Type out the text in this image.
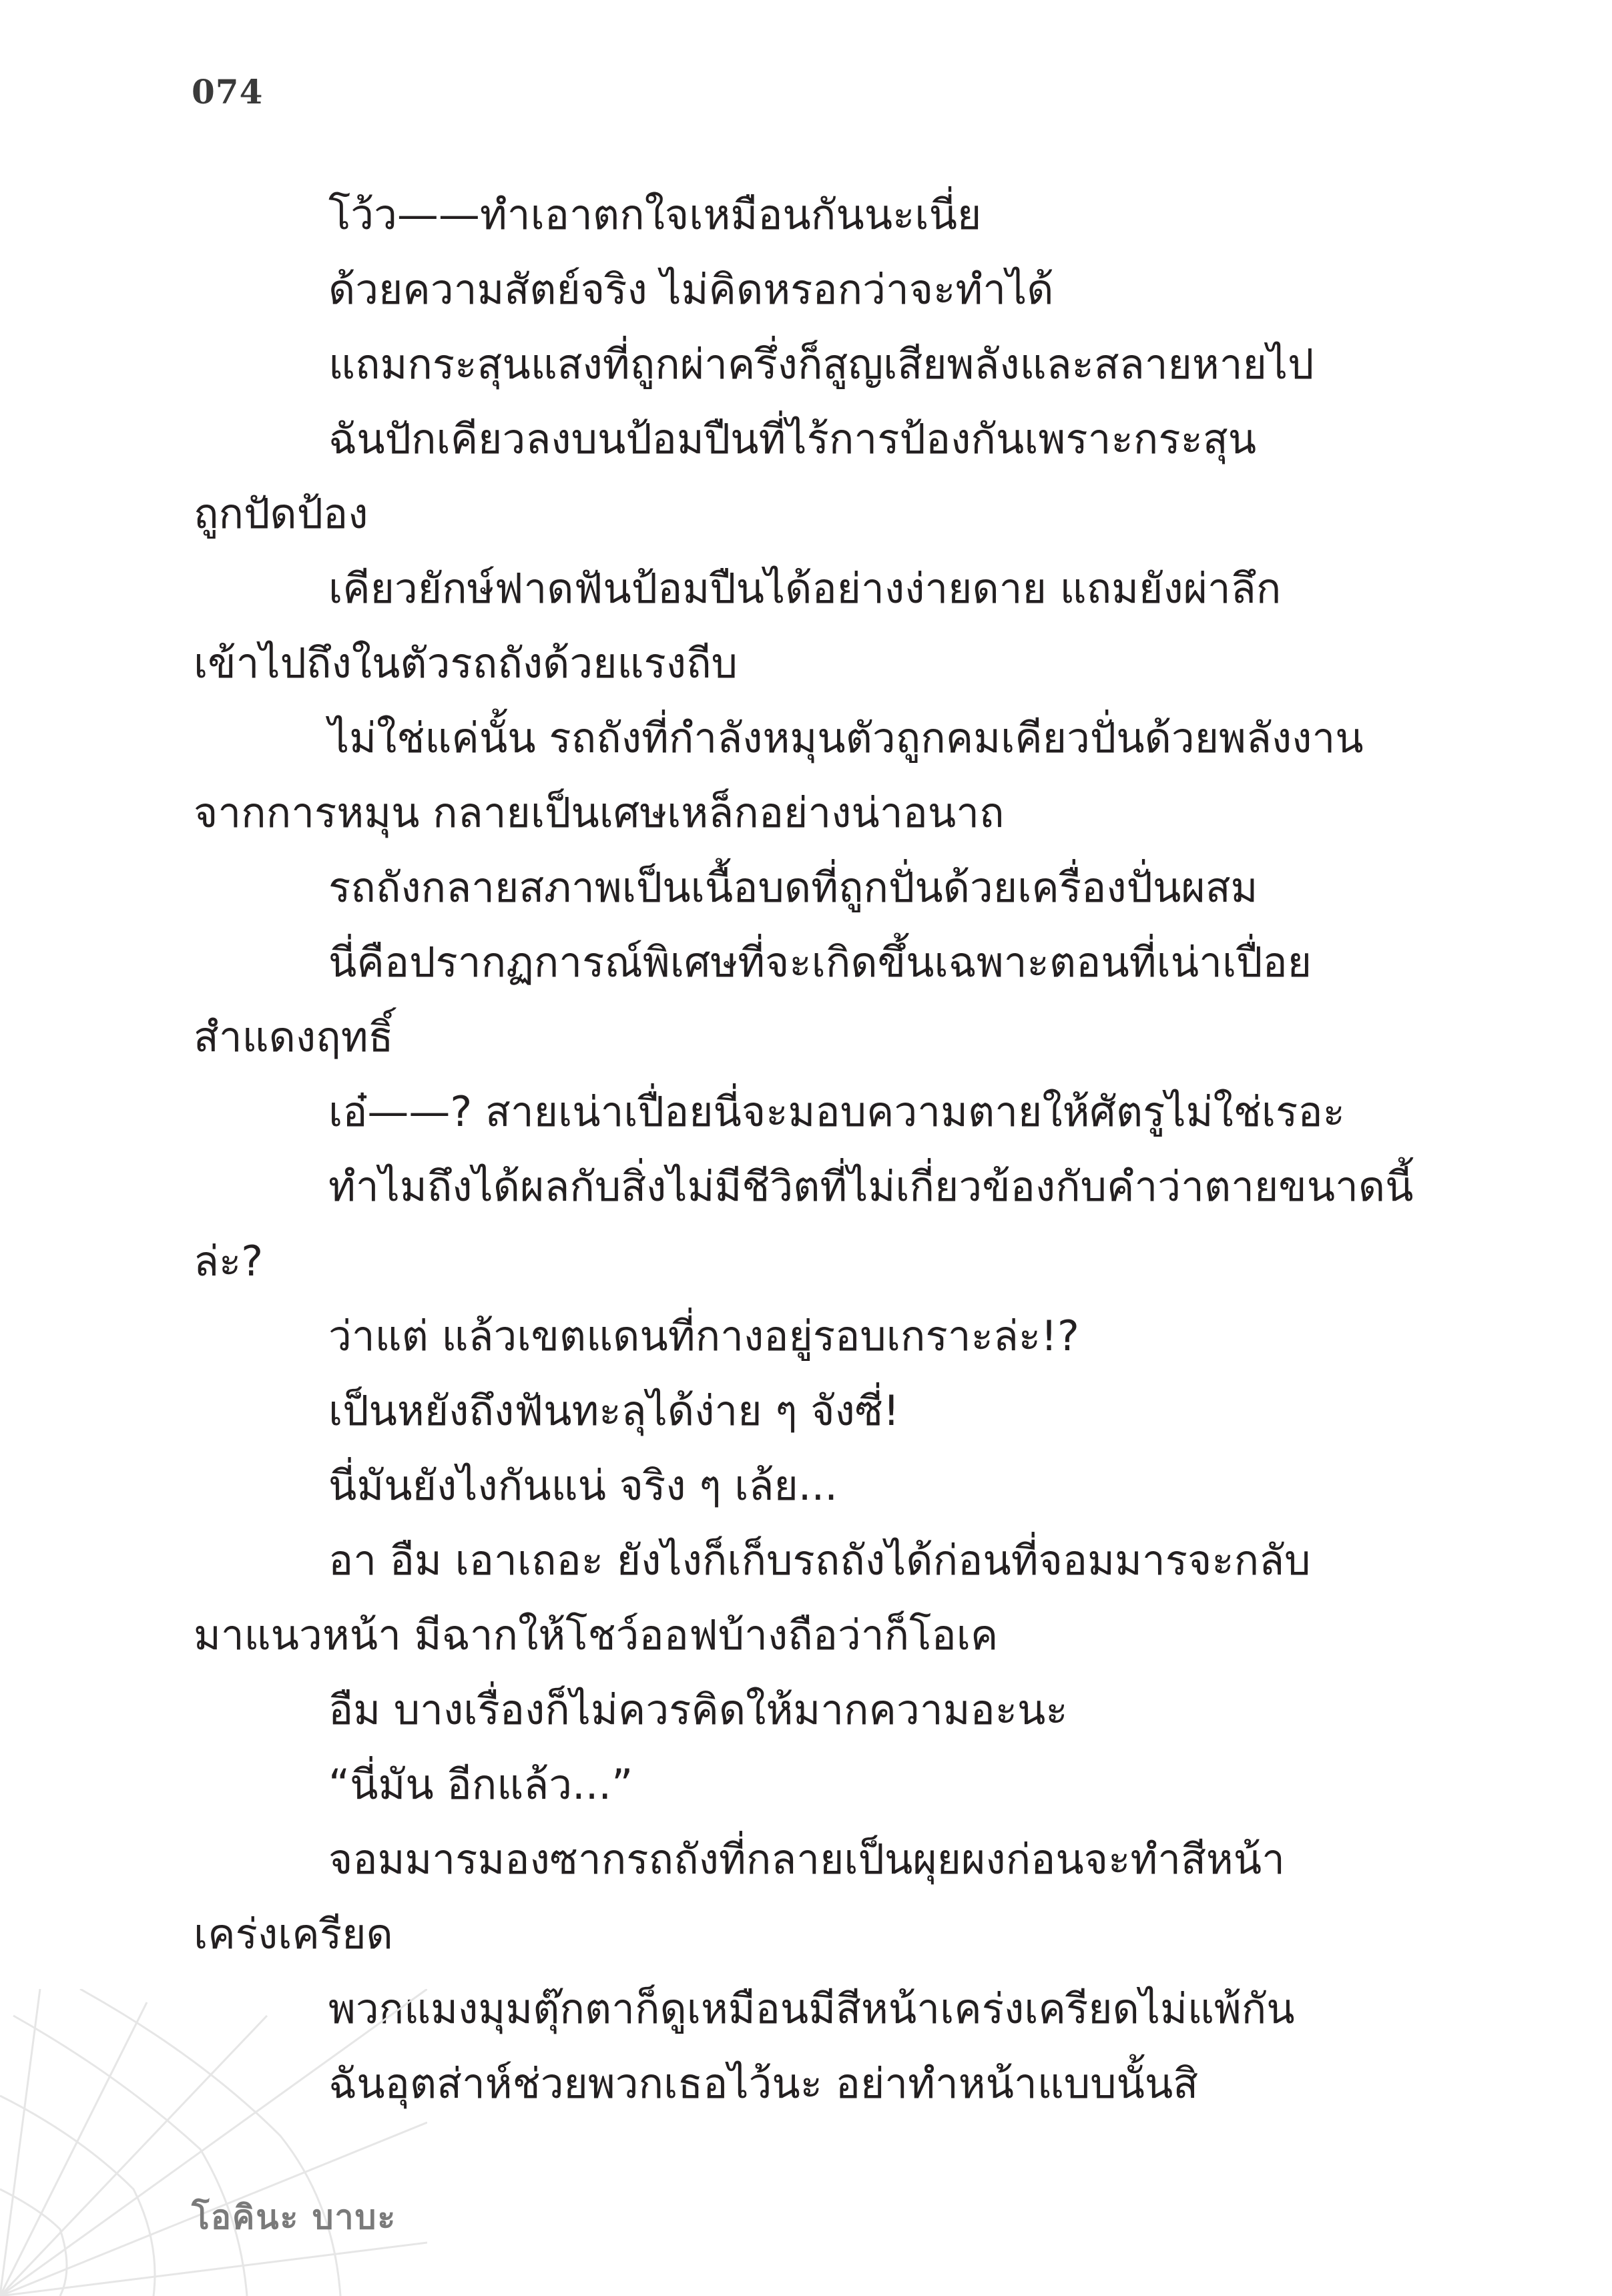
074
โว้ว——ทำเอาตกใจเหมือนกันนะเนี่ย
ด้วยความสัตย์จริง ไม่คิดหรอกว่าจะทำได้
แถมกระสุนแสงที่ถูกผ่าครึ่งก็สูญเสียพลังและสลายหายไป
ฉันปักเคียวลงบนป้อมปืนที่ไร้การป้องกันเพราะกระสุน
ถูกปัดป้อง
เคียวยักษ์ฟาดฟันป้อมปืนได้อย่างง่ายดาย แถมยังผ่าลึก
เข้าไปถึงในตัวรถถังด้วยแรงถีบ
ไม่ใช่แค่นั้น รถถังที่กำลังหมุนตัวถูกคมเคียวปั่นด้วยพลังงาน
จากการหมุน กลายเป็นเศษเหล็กอย่างน่าอนาถ
รถถังกลายสภาพเป็นเนื้อบดที่ถูกปั่นด้วยเครื่องปั่นผสม
นี่คือปรากฏการณ์พิเศษที่จะเกิดขึ้นเฉพาะตอนที่เน่าเปื่อย
สำแดงฤทธิ์
เอ๋——? สายเน่าเปื่อยนี่จะมอบความตายให้ศัตรูไม่ใช่เรอะ
ทำไมถึงได้ผลกับสิ่งไม่มีชีวิตที่ไม่เกี่ยวข้องกับคำว่าตายขนาดนี้
ล่ะ?
ว่าแต่ แล้วเขตแดนที่กางอยู่รอบเกราะล่ะ!?
เป็นหยังถึงฟันทะลุได้ง่าย ๆ จังซี่!
นี่มันยังไงกันแน่ จริง ๆ เล้ย...
อา อืม เอาเถอะ ยังไงก็เก็บรถถังได้ก่อนที่จอมมารจะกลับ
มาแนวหน้า มีฉากให้โชว์ออฟบ้างถือว่าก็โอเค
อืม บางเรื่องก็ไม่ควรคิดให้มากความอะนะ
“นี่มัน อีกแล้ว...”
จอมมารมองซากรถถังที่กลายเป็นผุยผงก่อนจะทำสีหน้า
เคร่งเครียด
พวกแมงมุมตุ๊กตาก็ดูเหมือนมีสีหน้าเคร่งเครียดไม่แพ้กัน
ฉันอุตส่าห์ช่วยพวกเธอไว้นะ อย่าทำหน้าแบบนั้นสิ
โอคินะ บาบะ
